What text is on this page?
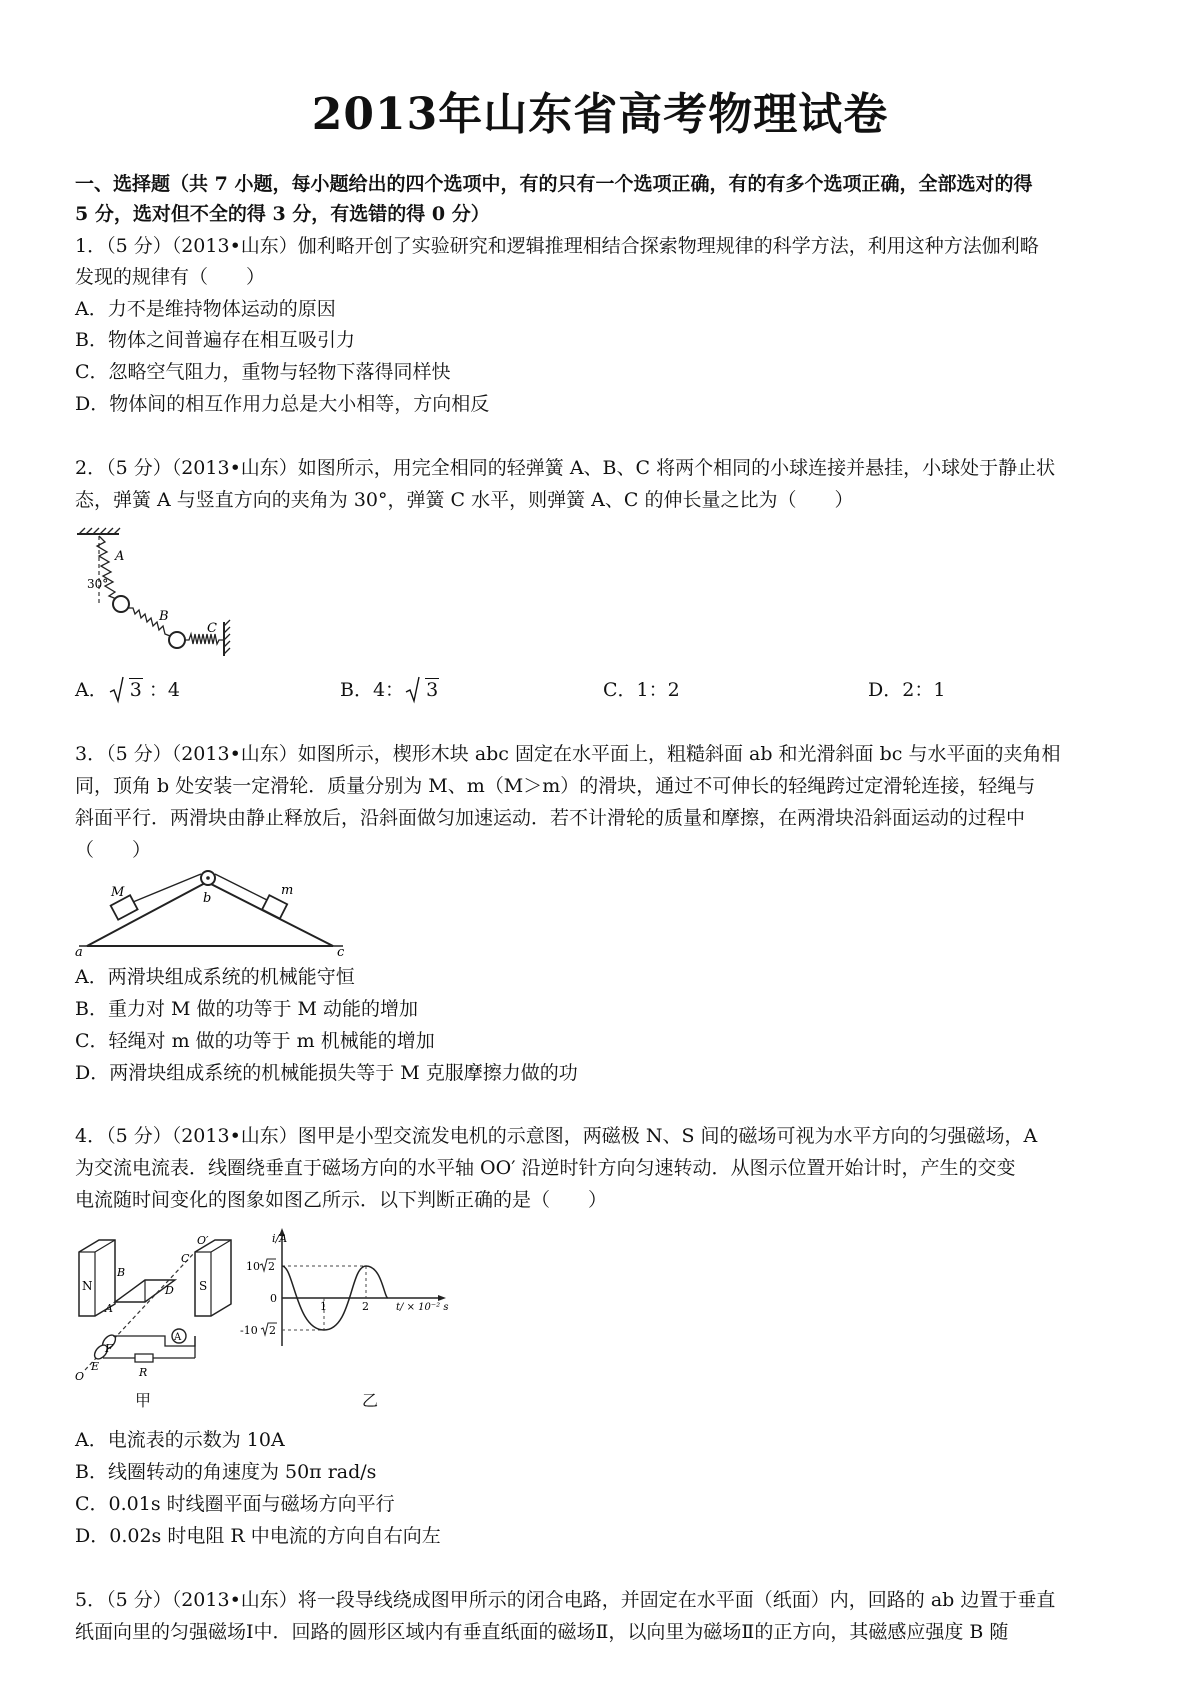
2013年山东省高考物理试卷
一、选择题（共 7 小题，每小题给出的四个选项中，有的只有一个选项正确，有的有多个选项正确，全部选对的得
5 分，选对但不全的得 3 分，有选错的得 0 分）
1．（5 分）（2013•山东）伽利略开创了实验研究和逻辑推理相结合探索物理规律的科学方法，利用这种方法伽利略
发现的规律有（　　）
A．力不是维持物体运动的原因
B．物体之间普遍存在相互吸引力
C．忽略空气阻力，重物与轻物下落得同样快
D．物体间的相互作用力总是大小相等，方向相反
2．（5 分）（2013•山东）如图所示，用完全相同的轻弹簧 A、B、C 将两个相同的小球连接并悬挂，小球处于静止状
态，弹簧 A 与竖直方向的夹角为 30°，弹簧 C 水平，则弹簧 A、C 的伸长量之比为（　　）
A
30°
B
C
A． 3 ：4	B．4： 3	C．1：2	D．2：1
3．（5 分）（2013•山东）如图所示，楔形木块 abc 固定在水平面上，粗糙斜面 ab 和光滑斜面 bc 与水平面的夹角相
同，顶角 b 处安装一定滑轮．质量分别为 M、m（M＞m）的滑块，通过不可伸长的轻绳跨过定滑轮连接，轻绳与
斜面平行．两滑块由静止释放后，沿斜面做匀加速运动．若不计滑轮的质量和摩擦，在两滑块沿斜面运动的过程中
（　　）
M	m
a
b
c
A．两滑块组成系统的机械能守恒
B．重力对 M 做的功等于 M 动能的增加
C．轻绳对 m 做的功等于 m 机械能的增加
D．两滑块组成系统的机械能损失等于 M 克服摩擦力做的功
4．（5 分）（2013•山东）图甲是小型交流发电机的示意图，两磁极 N、S 间的磁场可视为水平方向的匀强磁场，A
为交流电流表．线圈绕垂直于磁场方向的水平轴 OO′ 沿逆时针方向匀速转动．从图示位置开始计时，产生的交变
电流随时间变化的图象如图乙所示．以下判断正确的是（　　）
N	S
A
R
B
C
D
A
E
F
O
O′
甲
i/A
0
1	2	t/ × 10⁻² s
10 2
-10 2
乙
A．电流表的示数为 10A
B．线圈转动的角速度为 50π rad/s
C．0.01s 时线圈平面与磁场方向平行
D．0.02s 时电阻 R 中电流的方向自右向左
5．（5 分）（2013•山东）将一段导线绕成图甲所示的闭合电路，并固定在水平面（纸面）内，回路的 ab 边置于垂直
纸面向里的匀强磁场Ⅰ中．回路的圆形区域内有垂直纸面的磁场Ⅱ，以向里为磁场Ⅱ的正方向，其磁感应强度 B 随
